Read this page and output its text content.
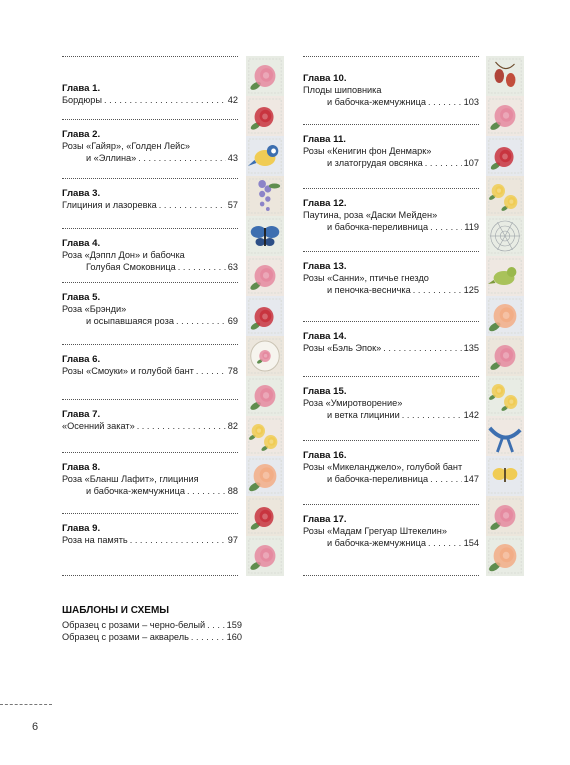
Глава 1.
Бордюры . . .	42
Глава 2.
Розы «Гайяр», «Голден Лейс»
и «Эллина» . . .	43
Глава 3.
Глициния и лазоревка . . .	57
Глава 4.
Роза «Дэппл Дон» и бабочка
Голубая Смоковница . . .	63
Глава 5.
Роза «Брэнди»
и осыпавшаяся роза . . .	69
Глава 6.
Розы «Смоуки» и голубой бант . . .	78
Глава 7.
«Осенний закат» . . .	82
Глава 8.
Роза «Бланш Лафит», глициния
и бабочка-жемчужница . . .	88
Глава 9.
Роза на память . . .	97
Глава 10.
Плоды шиповника
и бабочка-жемчужница . . .	103
Глава 11.
Розы «Кенигин фон Денмарк»
и златогрудая овсянка . . .	107
Глава 12.
Паутина, роза «Даски Мейден»
и бабочка-переливница . . .	119
Глава 13.
Розы «Санни», птичье гнездо
и пеночка-весничка . . .	125
Глава 14.
Розы «Бэль Эпок» . . .	135
Глава 15.
Роза «Умиротворение»
и ветка глицинии . . .	142
Глава 16.
Розы «Микеланджело», голубой бант
и бабочка-переливница . . .	147
Глава 17.
Розы «Мадам Грегуар Штекелин»
и бабочка-жемчужница . . .	154
ШАБЛОНЫ И СХЕМЫ
Образец с розами – черно-белый . . . 159
Образец с розами – акварель . . .	160
6
